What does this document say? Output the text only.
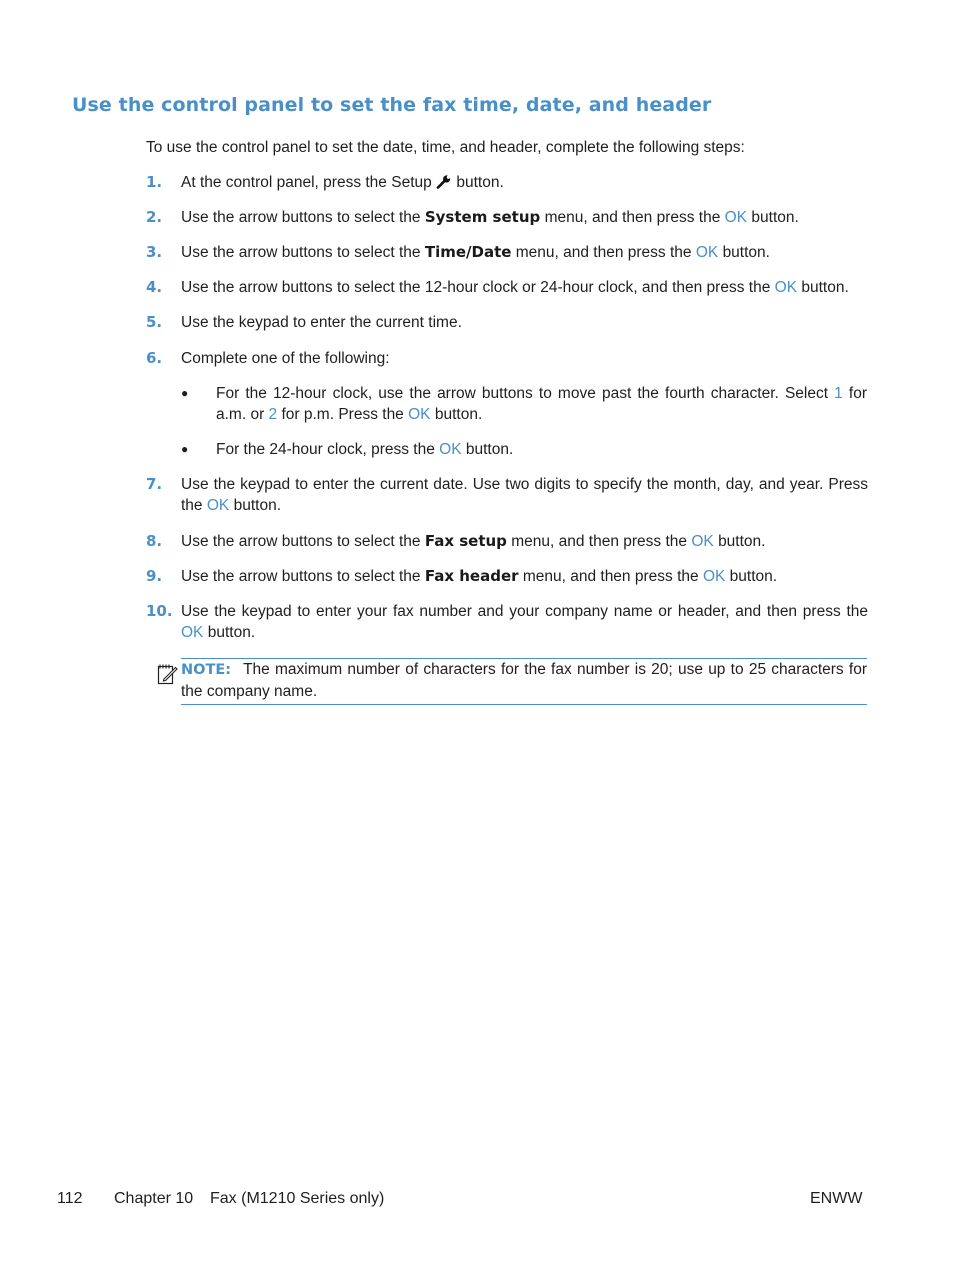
Use the control panel to set the fax time, date, and header
To use the control panel to set the date, time, and header, complete the following steps:
1.	At the control panel, press the Setup button.
2.	Use the arrow buttons to select the System setup menu, and then press the OK button.
3.	Use the arrow buttons to select the Time/Date menu, and then press the OK button.
4.	Use the arrow buttons to select the 12-hour clock or 24-hour clock, and then press the OK button.
5.	Use the keypad to enter the current time.
6.	Complete one of the following:
● For the 12-hour clock, use the arrow buttons to move past the fourth character. Select 1 for a.m. or 2 for p.m. Press the OK button.
● For the 24-hour clock, press the OK button.
7.	Use the keypad to enter the current date. Use two digits to specify the month, day, and year. Press the OK button.
8.	Use the arrow buttons to select the Fax setup menu, and then press the OK button.
9.	Use the arrow buttons to select the Fax header menu, and then press the OK button.
10. Use the keypad to enter your fax number and your company name or header, and then press the OK button.
NOTE: The maximum number of characters for the fax number is 20; use up to 25 characters for the company name.
112 Chapter 10 Fax (M1210 Series only)	ENWW
